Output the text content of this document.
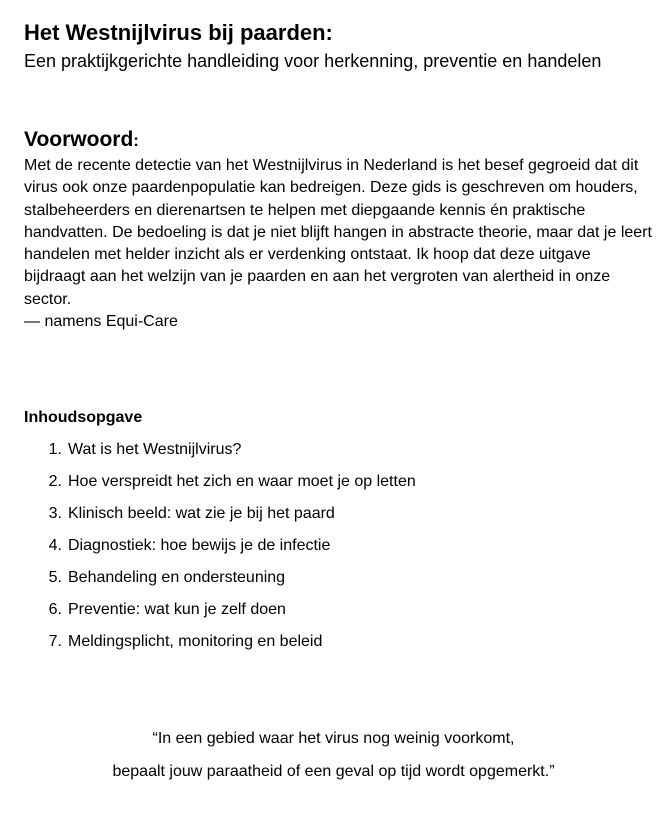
Het Westnijlvirus bij paarden:
Een praktijkgerichte handleiding voor herkenning, preventie en handelen
Voorwoord:

Met de recente detectie van het Westnijlvirus in Nederland is het besef gegroeid dat dit virus ook onze paardenpopulatie kan bedreigen. Deze gids is geschreven om houders, stalbeheerders en dierenartsen te helpen met diepgaande kennis én praktische handvatten. De bedoeling is dat je niet blijft hangen in abstracte theorie, maar dat je leert handelen met helder inzicht als er verdenking ontstaat. Ik hoop dat deze uitgave bijdraagt aan het welzijn van je paarden en aan het vergroten van alertheid in onze sector.

— namens Equi-Care

Inhoudsopgave
1. Wat is het Westnijlvirus?
2. Hoe verspreidt het zich en waar moet je op letten
3. Klinisch beeld: wat zie je bij het paard
4. Diagnostiek: hoe bewijs je de infectie
5. Behandeling en ondersteuning
6. Preventie: wat kun je zelf doen
7. Meldingsplicht, monitoring en beleid

“In een gebied waar het virus nog weinig voorkomt,

bepaalt jouw paraatheid of een geval op tijd wordt opgemerkt.”
